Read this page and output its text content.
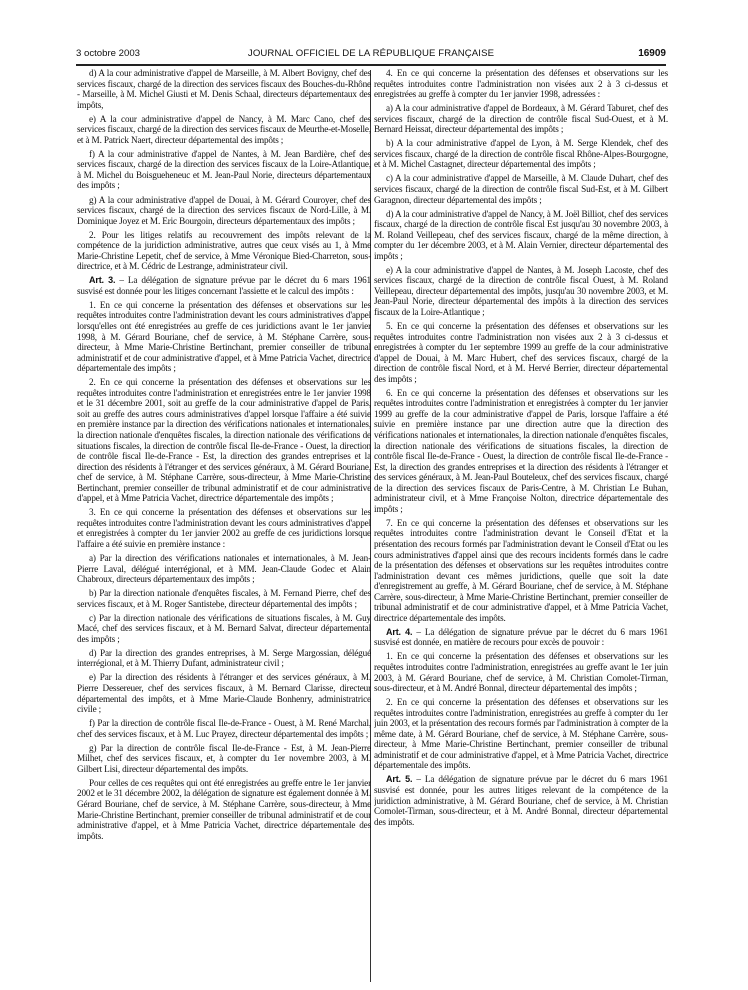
3 octobre 2003	JOURNAL OFFICIEL DE LA RÉPUBLIQUE FRANÇAISE	16909

d) A la cour administrative d'appel de Marseille, à M. Albert Bovigny, chef des services fiscaux, chargé de la direction des services fiscaux des Bouches-du-Rhône - Marseille, à M. Michel Giusti et M. Denis Schaal, directeurs départementaux des impôts,

e) A la cour administrative d'appel de Nancy, à M. Marc Cano, chef des services fiscaux, chargé de la direction des services fiscaux de Meurthe-et-Moselle, et à M. Patrick Naert, directeur départemental des impôts ;

f) A la cour administrative d'appel de Nantes, à M. Jean Bardière, chef des services fiscaux, chargé de la direction des services fiscaux de la Loire-Atlantique, à M. Michel du Boisgueheneuc et M. Jean-Paul Norie, directeurs départementaux des impôts ;

g) A la cour administrative d'appel de Douai, à M. Gérard Couroyer, chef des services fiscaux, chargé de la direction des services fiscaux de Nord-Lille, à M. Dominique Joyez et M. Eric Bourgoin, directeurs départementaux des impôts ;

2. Pour les litiges relatifs au recouvrement des impôts relevant de la compétence de la juridiction administrative, autres que ceux visés au 1, à Mme Marie-Christine Lepetit, chef de service, à Mme Véronique Bied-Charreton, sous-directrice, et à M. Cédric de Lestrange, administrateur civil.

Art. 3. – La délégation de signature prévue par le décret du 6 mars 1961 susvisé est donnée pour les litiges concernant l'assiette et le calcul des impôts :

1. En ce qui concerne la présentation des défenses et observations sur les requêtes introduites contre l'administration devant les cours administratives d'appel lorsqu'elles ont été enregistrées au greffe de ces juridictions avant le 1er janvier 1998, à M. Gérard Bouriane, chef de service, à M. Stéphane Carrère, sous-directeur, à Mme Marie-Christine Bertinchant, premier conseiller de tribunal administratif et de cour administrative d'appel, et à Mme Patricia Vachet, directrice départementale des impôts ;

2. En ce qui concerne la présentation des défenses et observations sur les requêtes introduites contre l'administration et enregistrées entre le 1er janvier 1998 et le 31 décembre 2001, soit au greffe de la cour administrative d'appel de Paris, soit au greffe des autres cours administratives d'appel lorsque l'affaire a été suivie en première instance par la direction des vérifications nationales et internationales, la direction nationale d'enquêtes fiscales, la direction nationale des vérifications de situations fiscales, la direction de contrôle fiscal Ile-de-France - Ouest, la direction de contrôle fiscal Ile-de-France - Est, la direction des grandes entreprises et la direction des résidents à l'étranger et des services généraux, à M. Gérard Bouriane, chef de service, à M. Stéphane Carrère, sous-directeur, à Mme Marie-Christine Bertinchant, premier conseiller de tribunal administratif et de cour administrative d'appel, et à Mme Patricia Vachet, directrice départementale des impôts ;

3. En ce qui concerne la présentation des défenses et observations sur les requêtes introduites contre l'administration devant les cours administratives d'appel et enregistrées à compter du 1er janvier 2002 au greffe de ces juridictions lorsque l'affaire a été suivie en première instance :

a) Par la direction des vérifications nationales et internationales, à M. Jean-Pierre Laval, délégué interrégional, et à MM. Jean-Claude Godec et Alain Chabroux, directeurs départementaux des impôts ;

b) Par la direction nationale d'enquêtes fiscales, à M. Fernand Pierre, chef des services fiscaux, et à M. Roger Santistebe, directeur départemental des impôts ;

c) Par la direction nationale des vérifications de situations fiscales, à M. Guy Macé, chef des services fiscaux, et à M. Bernard Salvat, directeur départemental des impôts ;

d) Par la direction des grandes entreprises, à M. Serge Margossian, délégué interrégional, et à M. Thierry Dufant, administrateur civil ;

e) Par la direction des résidents à l'étranger et des services généraux, à M. Pierre Dessereuer, chef des services fiscaux, à M. Bernard Clarisse, directeur départemental des impôts, et à Mme Marie-Claude Bonhenry, administratrice civile ;

f) Par la direction de contrôle fiscal Ile-de-France - Ouest, à M. René Marchal, chef des services fiscaux, et à M. Luc Prayez, directeur départemental des impôts ;

g) Par la direction de contrôle fiscal Ile-de-France - Est, à M. Jean-Pierre Milhet, chef des services fiscaux, et, à compter du 1er novembre 2003, à M. Gilbert Lisi, directeur départemental des impôts.

Pour celles de ces requêtes qui ont été enregistrées au greffe entre le 1er janvier 2002 et le 31 décembre 2002, la délégation de signature est également donnée à M. Gérard Bouriane, chef de service, à M. Stéphane Carrère, sous-directeur, à Mme Marie-Christine Bertinchant, premier conseiller de tribunal administratif et de cour administrative d'appel, et à Mme Patricia Vachet, directrice départementale des impôts.

4. En ce qui concerne la présentation des défenses et observations sur les requêtes introduites contre l'administration non visées aux 2 à 3 ci-dessus et enregistrées au greffe à compter du 1er janvier 1998, adressées :

a) A la cour administrative d'appel de Bordeaux, à M. Gérard Taburet, chef des services fiscaux, chargé de la direction de contrôle fiscal Sud-Ouest, et à M. Bernard Heissat, directeur départemental des impôts ;

b) A la cour administrative d'appel de Lyon, à M. Serge Klendek, chef des services fiscaux, chargé de la direction de contrôle fiscal Rhône-Alpes-Bourgogne, et à M. Michel Castagnet, directeur départemental des impôts ;

c) A la cour administrative d'appel de Marseille, à M. Claude Duhart, chef des services fiscaux, chargé de la direction de contrôle fiscal Sud-Est, et à M. Gilbert Garagnon, directeur départemental des impôts ;

d) A la cour administrative d'appel de Nancy, à M. Joël Billiot, chef des services fiscaux, chargé de la direction de contrôle fiscal Est jusqu'au 30 novembre 2003, à M. Roland Veillepeau, chef des services fiscaux, chargé de la même direction, à compter du 1er décembre 2003, et à M. Alain Vernier, directeur départemental des impôts ;

e) A la cour administrative d'appel de Nantes, à M. Joseph Lacoste, chef des services fiscaux, chargé de la direction de contrôle fiscal Ouest, à M. Roland Veillepeau, directeur départemental des impôts, jusqu'au 30 novembre 2003, et M. Jean-Paul Norie, directeur départemental des impôts à la direction des services fiscaux de la Loire-Atlantique ;

5. En ce qui concerne la présentation des défenses et observations sur les requêtes introduites contre l'administration non visées aux 2 à 3 ci-dessus et enregistrées à compter du 1er septembre 1999 au greffe de la cour administrative d'appel de Douai, à M. Marc Hubert, chef des services fiscaux, chargé de la direction de contrôle fiscal Nord, et à M. Hervé Berrier, directeur départemental des impôts ;

6. En ce qui concerne la présentation des défenses et observations sur les requêtes introduites contre l'administration et enregistrées à compter du 1er janvier 1999 au greffe de la cour administrative d'appel de Paris, lorsque l'affaire a été suivie en première instance par une direction autre que la direction des vérifications nationales et internationales, la direction nationale d'enquêtes fiscales, la direction nationale des vérifications de situations fiscales, la direction de contrôle fiscal Ile-de-France - Ouest, la direction de contrôle fiscal Ile-de-France - Est, la direction des grandes entreprises et la direction des résidents à l'étranger et des services généraux, à M. Jean-Paul Bouteleux, chef des services fiscaux, chargé de la direction des services fiscaux de Paris-Centre, à M. Christian Le Buhan, administrateur civil, et à Mme Françoise Nolton, directrice départementale des impôts ;

7. En ce qui concerne la présentation des défenses et observations sur les requêtes introduites contre l'administration devant le Conseil d'Etat et la présentation des recours formés par l'administration devant le Conseil d'Etat ou les cours administratives d'appel ainsi que des recours incidents formés dans le cadre de la présentation des défenses et observations sur les requêtes introduites contre l'administration devant ces mêmes juridictions, quelle que soit la date d'enregistrement au greffe, à M. Gérard Bouriane, chef de service, à M. Stéphane Carrère, sous-directeur, à Mme Marie-Christine Bertinchant, premier conseiller de tribunal administratif et de cour administrative d'appel, et à Mme Patricia Vachet, directrice départementale des impôts.

Art. 4. – La délégation de signature prévue par le décret du 6 mars 1961 susvisé est donnée, en matière de recours pour excès de pouvoir :

1. En ce qui concerne la présentation des défenses et observations sur les requêtes introduites contre l'administration, enregistrées au greffe avant le 1er juin 2003, à M. Gérard Bouriane, chef de service, à M. Christian Comolet-Tirman, sous-directeur, et à M. André Bonnal, directeur départemental des impôts ;

2. En ce qui concerne la présentation des défenses et observations sur les requêtes introduites contre l'administration, enregistrées au greffe à compter du 1er juin 2003, et la présentation des recours formés par l'administration à compter de la même date, à M. Gérard Bouriane, chef de service, à M. Stéphane Carrère, sous-directeur, à Mme Marie-Christine Bertinchant, premier conseiller de tribunal administratif et de cour administrative d'appel, et à Mme Patricia Vachet, directrice départementale des impôts.

Art. 5. – La délégation de signature prévue par le décret du 6 mars 1961 susvisé est donnée, pour les autres litiges relevant de la compétence de la juridiction administrative, à M. Gérard Bouriane, chef de service, à M. Christian Comolet-Tirman, sous-directeur, et à M. André Bonnal, directeur départemental des impôts.
